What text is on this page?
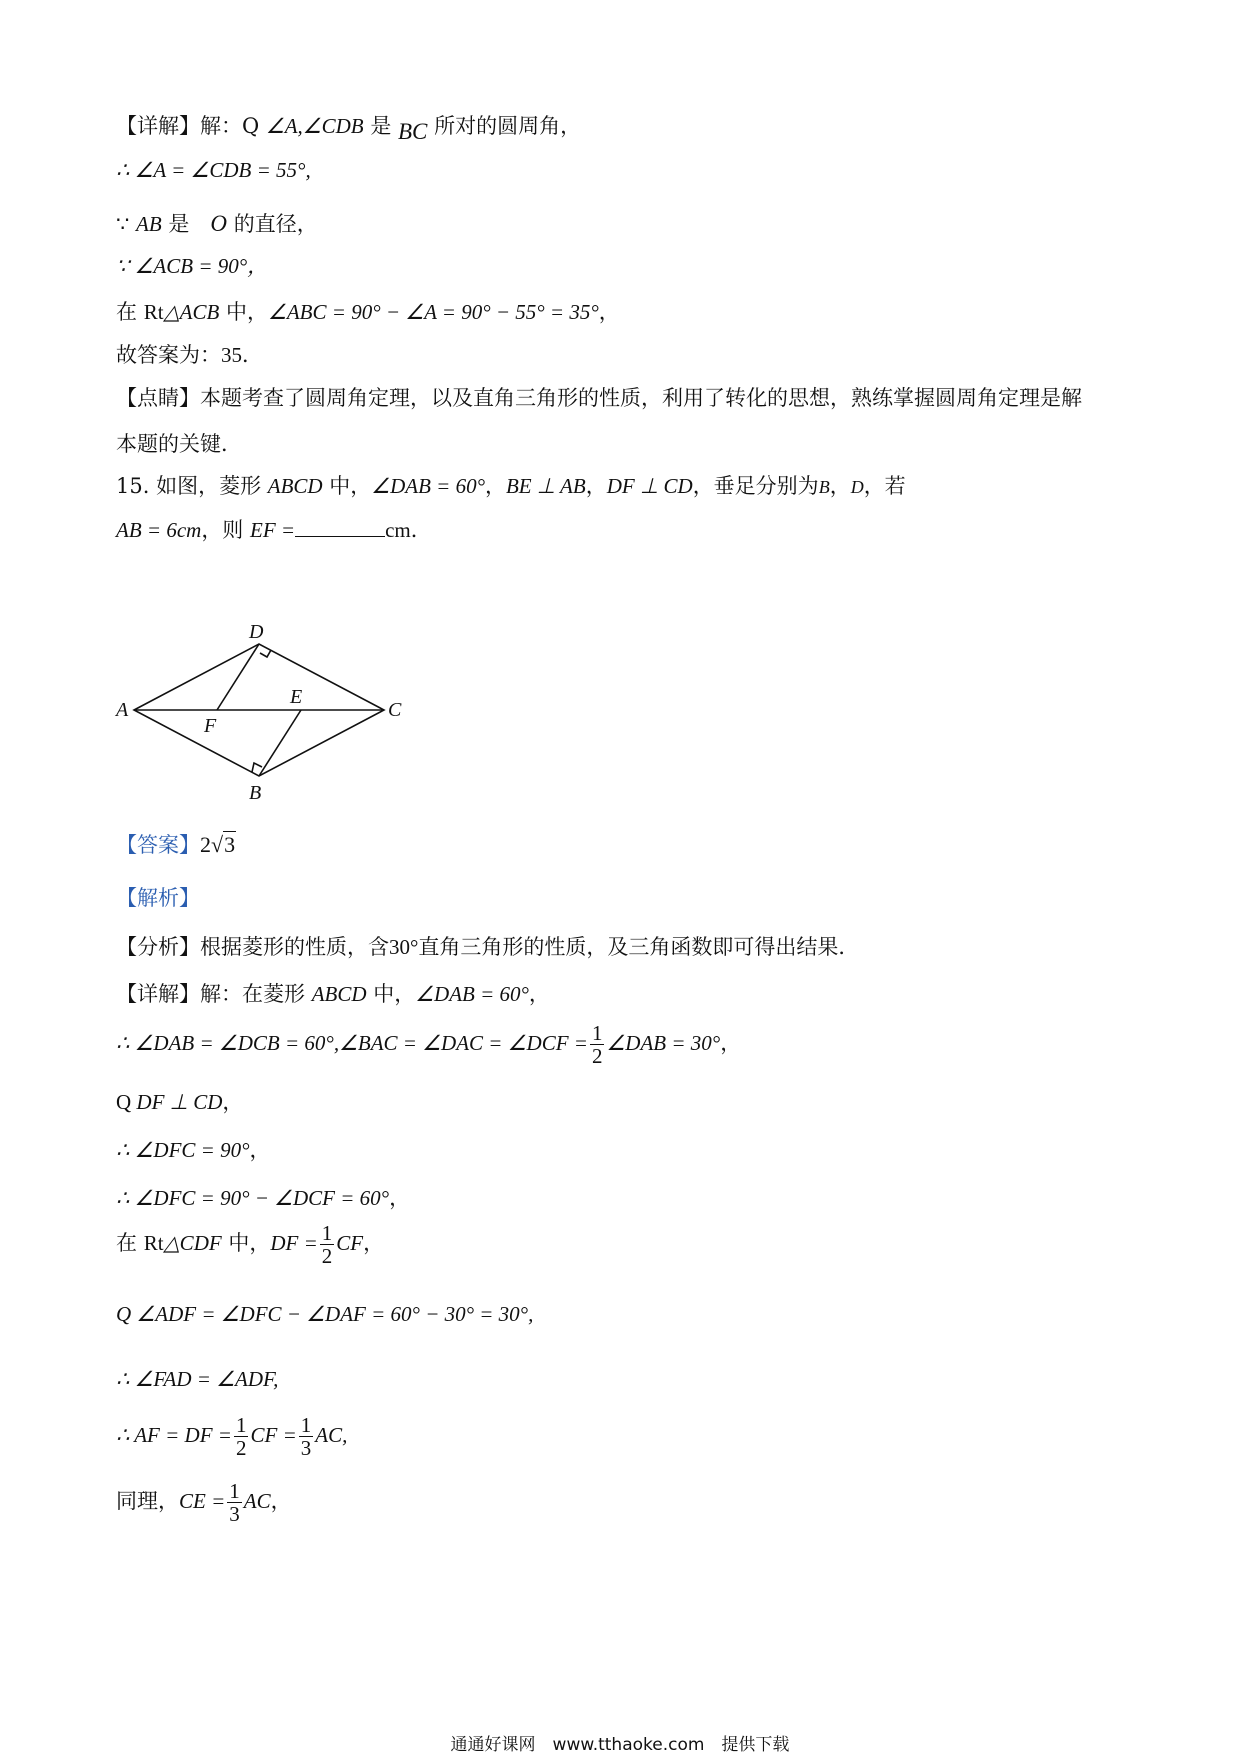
【详解】解：Q ∠A,∠CDB 是 BC 所对的圆周角，
∴ ∠A = ∠CDB = 55°,
∵ AB 是　O 的直径，
∵ ∠ACB = 90°，
在 Rt△ACB 中，∠ABC = 90° − ∠A = 90° − 55° = 35°，
故答案为：35．
【点睛】本题考查了圆周角定理，以及直角三角形的性质，利用了转化的思想，熟练掌握圆周角定理是解
本题的关键．
15. 如图，菱形 ABCD 中，∠DAB = 60°，BE ⊥ AB，DF ⊥ CD，垂足分别为B，D，若
AB = 6cm，则 EF =	cm．
A
B
C
D
E
F
【答案】2√3
【解析】
【分析】根据菱形的性质，含30°直角三角形的性质，及三角函数即可得出结果．
【详解】解：在菱形 ABCD 中，∠DAB = 60°，
∴ ∠DAB = ∠DCB = 60°,∠BAC = ∠DAC = ∠DCF = $\frac{1}{2}$ ∠DAB = 30°，
Q DF ⊥ CD，
∴ ∠DFC = 90°，
∴ ∠DFC = 90° − ∠DCF = 60°，
在 Rt△CDF 中，DF = $\frac{1}{2}$ CF，
Q ∠ADF = ∠DFC − ∠DAF = 60° − 30° = 30°,
∴ ∠FAD = ∠ADF,
∴ AF = DF = $\frac{1}{2}$ CF = $\frac{1}{3}$ AC,
同理，CE = $\frac{1}{3}$ AC，
通通好课网　www.tthaoke.com　提供下载
